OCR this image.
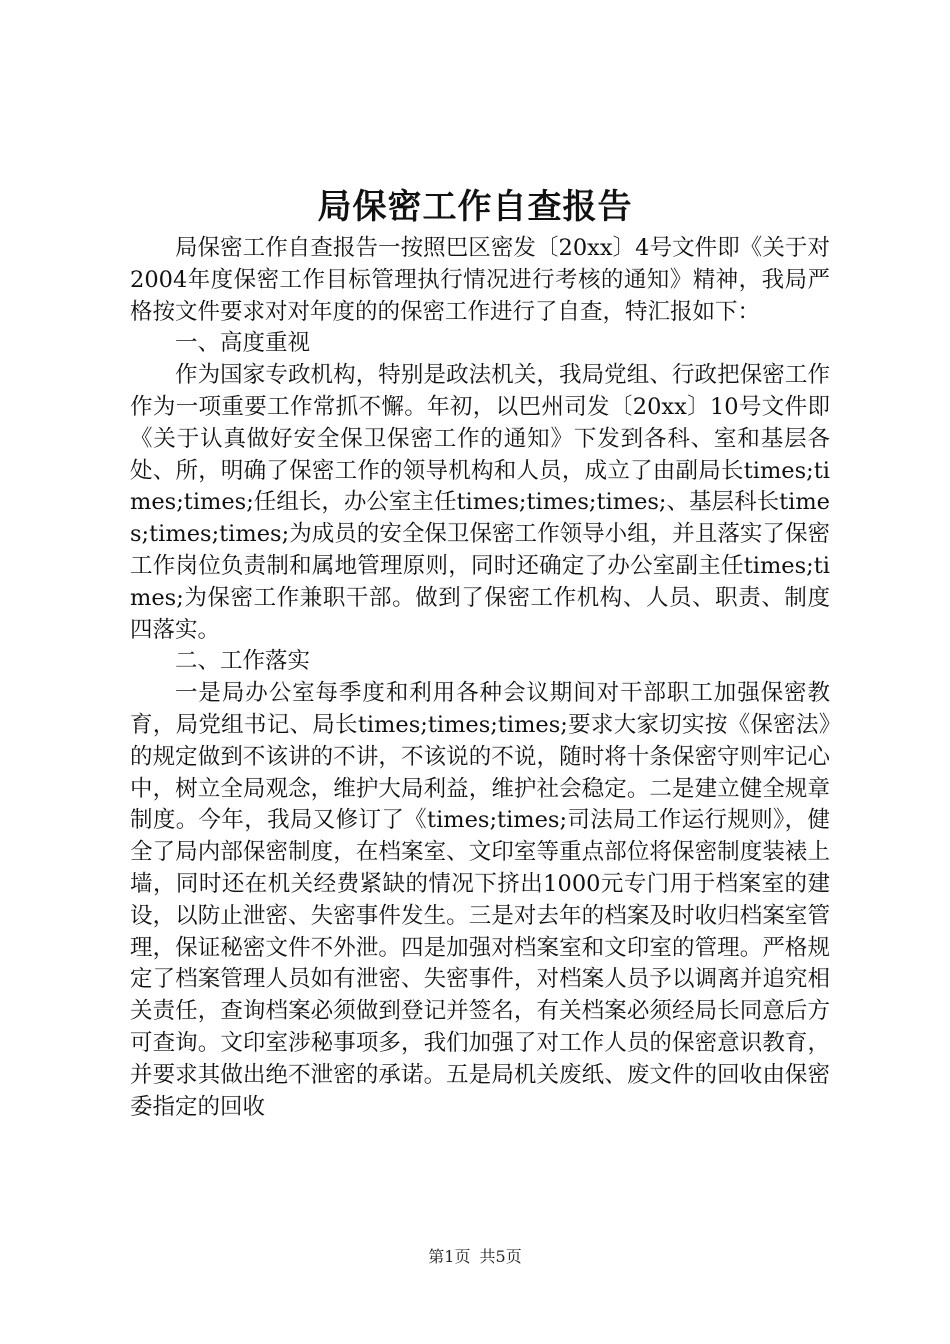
局保密工作自查报告

局保密工作自查报告一按照巴区密发〔20xx〕4号文件即《关于对2004年度保密工作目标管理执行情况进行考核的通知》精神，我局严格按文件要求对对年度的的保密工作进行了自查，特汇报如下：

一、高度重视

作为国家专政机构，特别是政法机关，我局党组、行政把保密工作作为一项重要工作常抓不懈。年初，以巴州司发〔20xx〕10号文件即《关于认真做好安全保卫保密工作的通知》下发到各科、室和基层各处、所，明确了保密工作的领导机构和人员，成立了由副局长times;times;times;任组长，办公室主任times;times;times;、基层科长times;times;times;为成员的安全保卫保密工作领导小组，并且落实了保密工作岗位负责制和属地管理原则，同时还确定了办公室副主任times;times;为保密工作兼职干部。做到了保密工作机构、人员、职责、制度四落实。

二、工作落实

一是局办公室每季度和利用各种会议期间对干部职工加强保密教育，局党组书记、局长times;times;times;要求大家切实按《保密法》的规定做到不该讲的不讲，不该说的不说，随时将十条保密守则牢记心中，树立全局观念，维护大局利益，维护社会稳定。二是建立健全规章制度。今年，我局又修订了《times;times;司法局工作运行规则》，健全了局内部保密制度，在档案室、文印室等重点部位将保密制度装裱上墙，同时还在机关经费紧缺的情况下挤出1000元专门用于档案室的建设，以防止泄密、失密事件发生。三是对去年的档案及时收归档案室管理，保证秘密文件不外泄。四是加强对档案室和文印室的管理。严格规定了档案管理人员如有泄密、失密事件，对档案人员予以调离并追究相关责任，查询档案必须做到登记并签名，有关档案必须经局长同意后方可查询。文印室涉秘事项多，我们加强了对工作人员的保密意识教育，并要求其做出绝不泄密的承诺。五是局机关废纸、废文件的回收由保密委指定的回收

第1页 共5页
